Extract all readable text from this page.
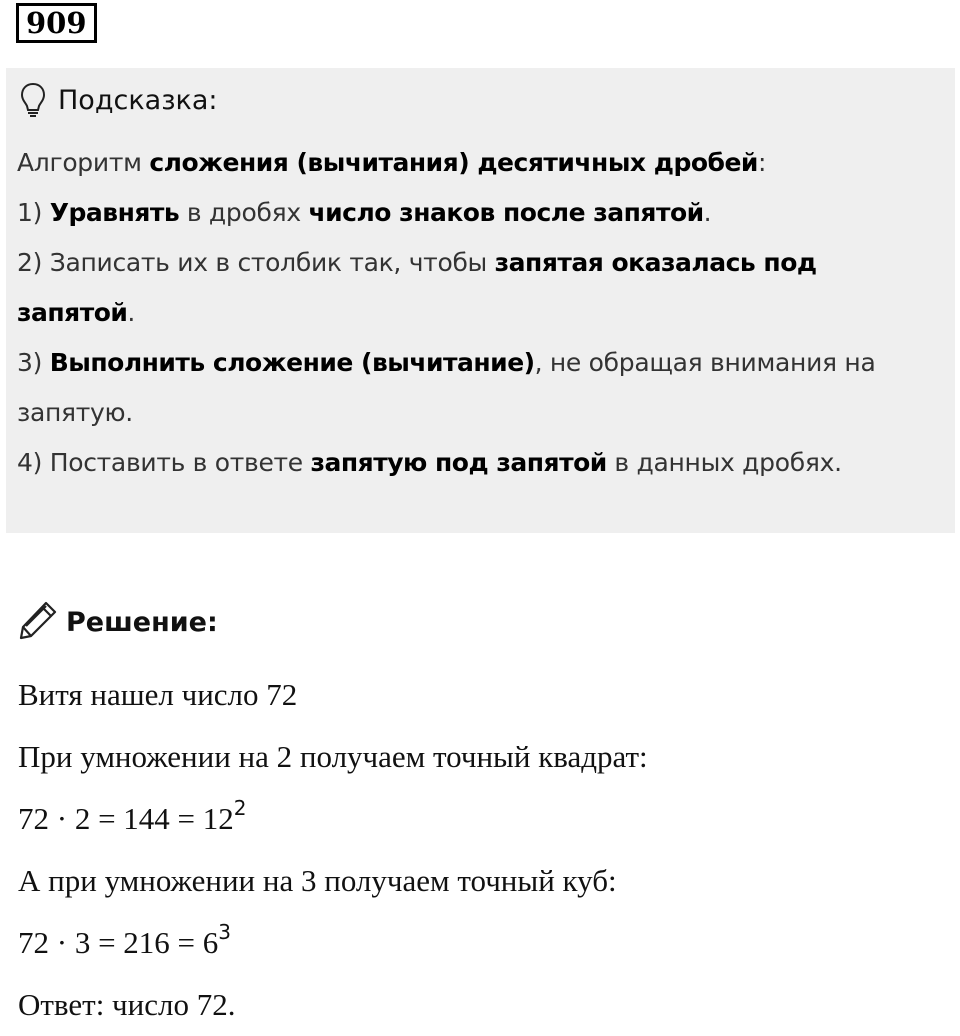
909
Подсказка:

Алгоритм сложения (вычитания) десятичных дробей:

1) Уравнять в дробях число знаков после запятой.

2) Записать их в столбик так, чтобы запятая оказалась под запятой.

3) Выполнить сложение (вычитание), не обращая внимания на запятую.

4) Поставить в ответе запятую под запятой в данных дробях.

Решение:

Витя нашел число 72

При умножении на 2 получаем точный квадрат:

$72 \cdot 2 = 144 = 12^2$

А при умножении на 3 получаем точный куб:

$72 \cdot 3 = 216 = 6^3$

Ответ: число 72.
